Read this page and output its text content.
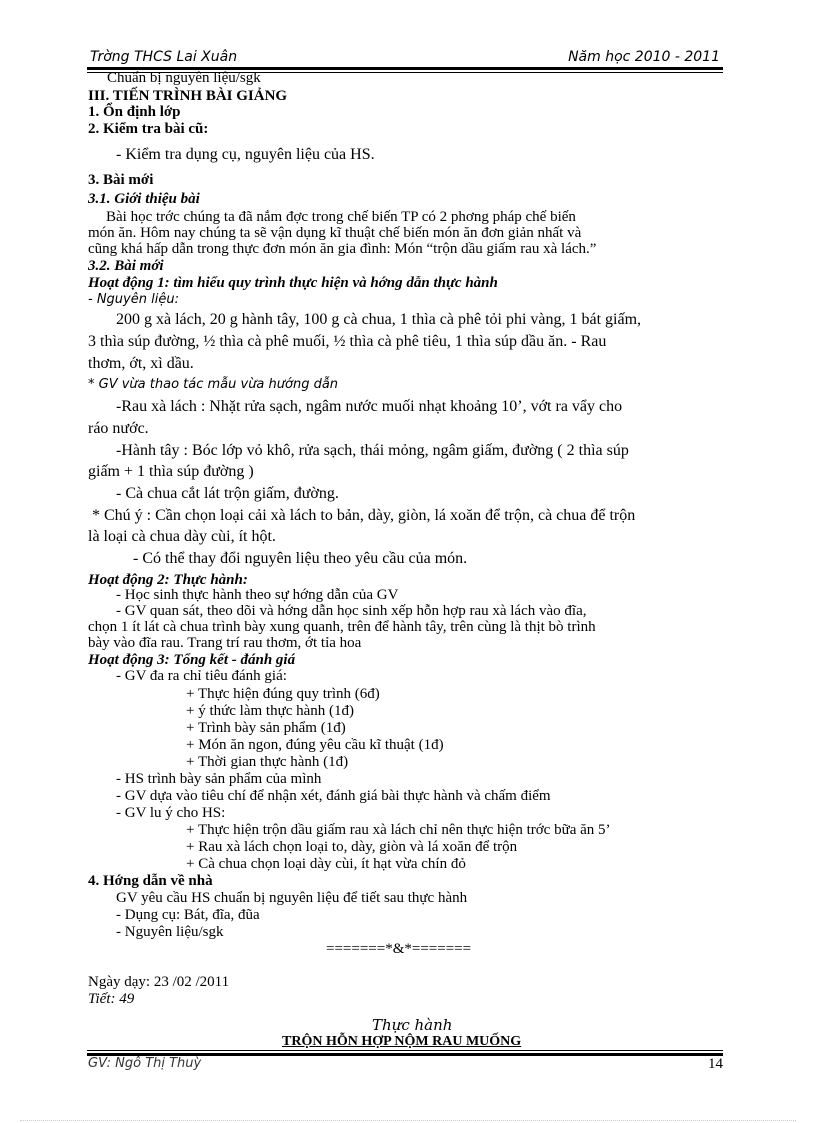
Trờng THCS Lai Xuân	Năm học 2010 - 2011
Chuẩn bị nguyên liệu/sgk
III. TIẾN TRÌNH BÀI GIẢNG
1. Ổn định lớp
2. Kiểm tra bài cũ:
- Kiểm tra dụng cụ, nguyên liệu của HS.
3. Bài mới
3.1. Giới thiệu bài
Bài học trớc chúng ta đã nắm đợc trong chế biến TP có 2 phơng pháp chế biến
món ăn. Hôm nay chúng ta sẽ vận dụng kĩ thuật chế biến món ăn đơn giản nhất và
cũng khá hấp dẫn trong thực đơn món ăn gia đình: Món “trộn dầu giấm rau xà lách.”
3.2. Bài mới
Hoạt động 1: tìm hiểu quy trình thực hiện và hớng dẫn thực hành
- Nguyên liệu:
200 g xà lách, 20 g hành tây, 100 g cà chua, 1 thìa cà phê tỏi phi vàng, 1 bát giấm,
3 thìa súp đường, ½ thìa cà phê muối, ½ thìa cà phê tiêu, 1 thìa súp dầu ăn. - Rau
thơm, ớt, xì dầu.
* GV vừa thao tác mẫu vừa hướng dẫn
-Rau xà lách : Nhặt rửa sạch, ngâm nước muối nhạt khoảng 10’, vớt ra vẩy cho
ráo nước.
-Hành tây : Bóc lớp vỏ khô, rửa sạch, thái mỏng, ngâm giấm, đường ( 2 thìa súp
giấm + 1 thìa súp đường )
- Cà chua cắt lát trộn giấm, đường.
* Chú ý : Cần chọn loại cải xà lách to bản, dày, giòn, lá xoăn để trộn, cà chua để trộn
là loại cà chua dày cùi, ít hột.
- Có thể thay đổi nguyên liệu theo yêu cầu của món.
Hoạt động 2: Thực hành:
- Học sinh thực hành theo sự hớng dẫn của GV
- GV quan sát, theo dõi và hớng dẫn học sinh xếp hỗn hợp rau xà lách vào đĩa,
chọn 1 ít lát cà chua trình bày xung quanh, trên để hành tây, trên cùng là thịt bò trình
bày vào đĩa rau. Trang trí rau thơm, ớt tỉa hoa
Hoạt động 3: Tổng kết - đánh giá
- GV đa ra chỉ tiêu đánh giá:
+ Thực hiện đúng quy trình (6đ)
+ ý thức làm thực hành (1đ)
+ Trình bày sản phẩm (1đ)
+ Món ăn ngon, đúng yêu cầu kĩ thuật (1đ)
+ Thời gian thực hành (1đ)
- HS trình bày sản phẩm của mình
- GV dựa vào tiêu chí để nhận xét, đánh giá bài thực hành và chấm điểm
- GV lu ý cho HS:
+ Thực hiện trộn dầu giấm rau xà lách chỉ nên thực hiện trớc bữa ăn 5’
+ Rau xà lách chọn loại to, dày, giòn và lá xoăn để trộn
+ Cà chua chọn loại dày cùi, ít hạt vừa chín đỏ
4. Hớng dẫn về nhà
GV yêu cầu HS chuẩn bị nguyên liệu để tiết sau thực hành
- Dụng cụ: Bát, đĩa, đũa
- Nguyên liệu/sgk
=======*&*=======
Ngày dạy: 23 /02 /2011
Tiết: 49
Thực hành
TRỘN HỖN HỢP NỘM RAU MUỐNG
GV: Ngô Thị Thuỳ	14
